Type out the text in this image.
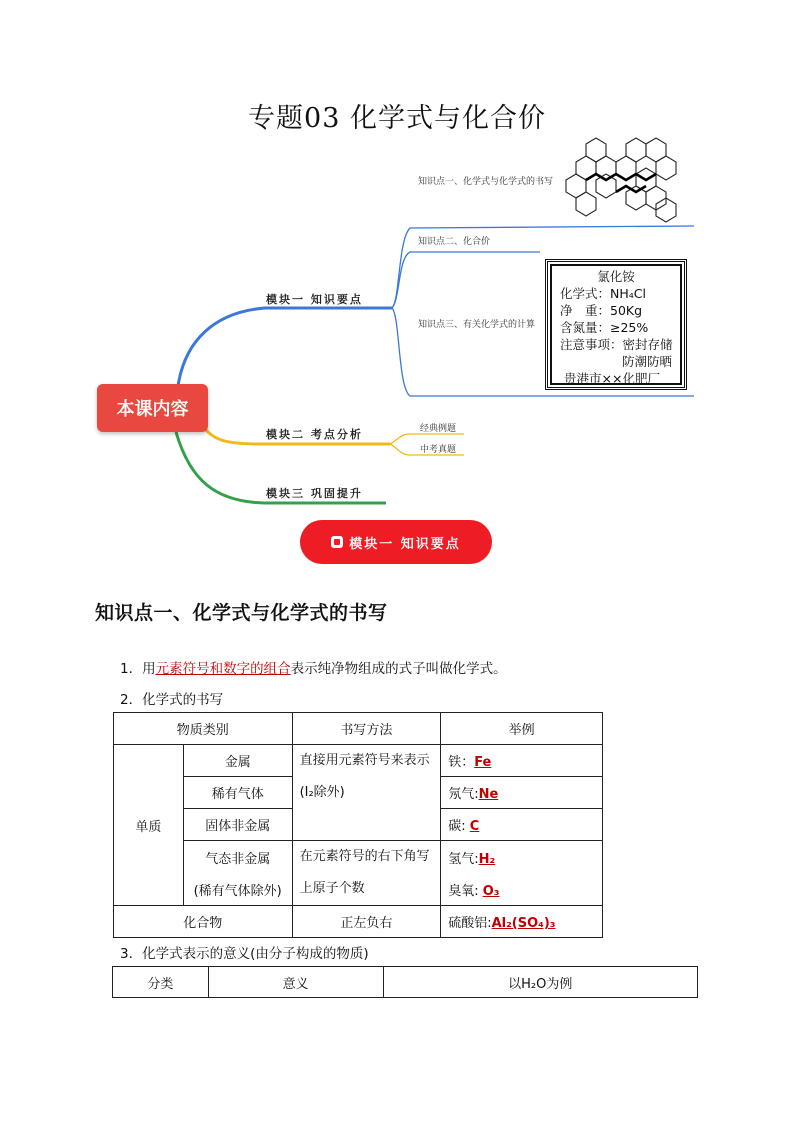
专题03 化学式与化合价
知识点一、化学式与化学式的书写
知识点二、化合价
知识点三、有关化学式的计算
经典例题
中考真题
模块一 知识要点
模块二 考点分析
模块三 巩固提升
本课内容
氯化铵
化学式：NH₄Cl
净　重：50Kg
含氮量：≥25%
注意事项：密封存储
防潮防晒
贵港市××化肥厂
模块一 知识要点
知识点一、化学式与化学式的书写
1．用元素符号和数字的组合表示纯净物组成的式子叫做化学式。
2．化学式的书写
物质类别		书写方法	举例
单质	金属	直接用元素符号来表示(I₂除外)	铁：Fe
	稀有气体		氖气:Ne
	固体非金属		碳: C
	气态非金属	在元素符号的右下角写上原子个数	氢气:H₂
	(稀有气体除外)		臭氧: O₃
化合物		正左负右	硫酸铝:Al₂(SO₄)₃
3．化学式表示的意义(由分子构成的物质)
分类	意义	以H₂O为例
